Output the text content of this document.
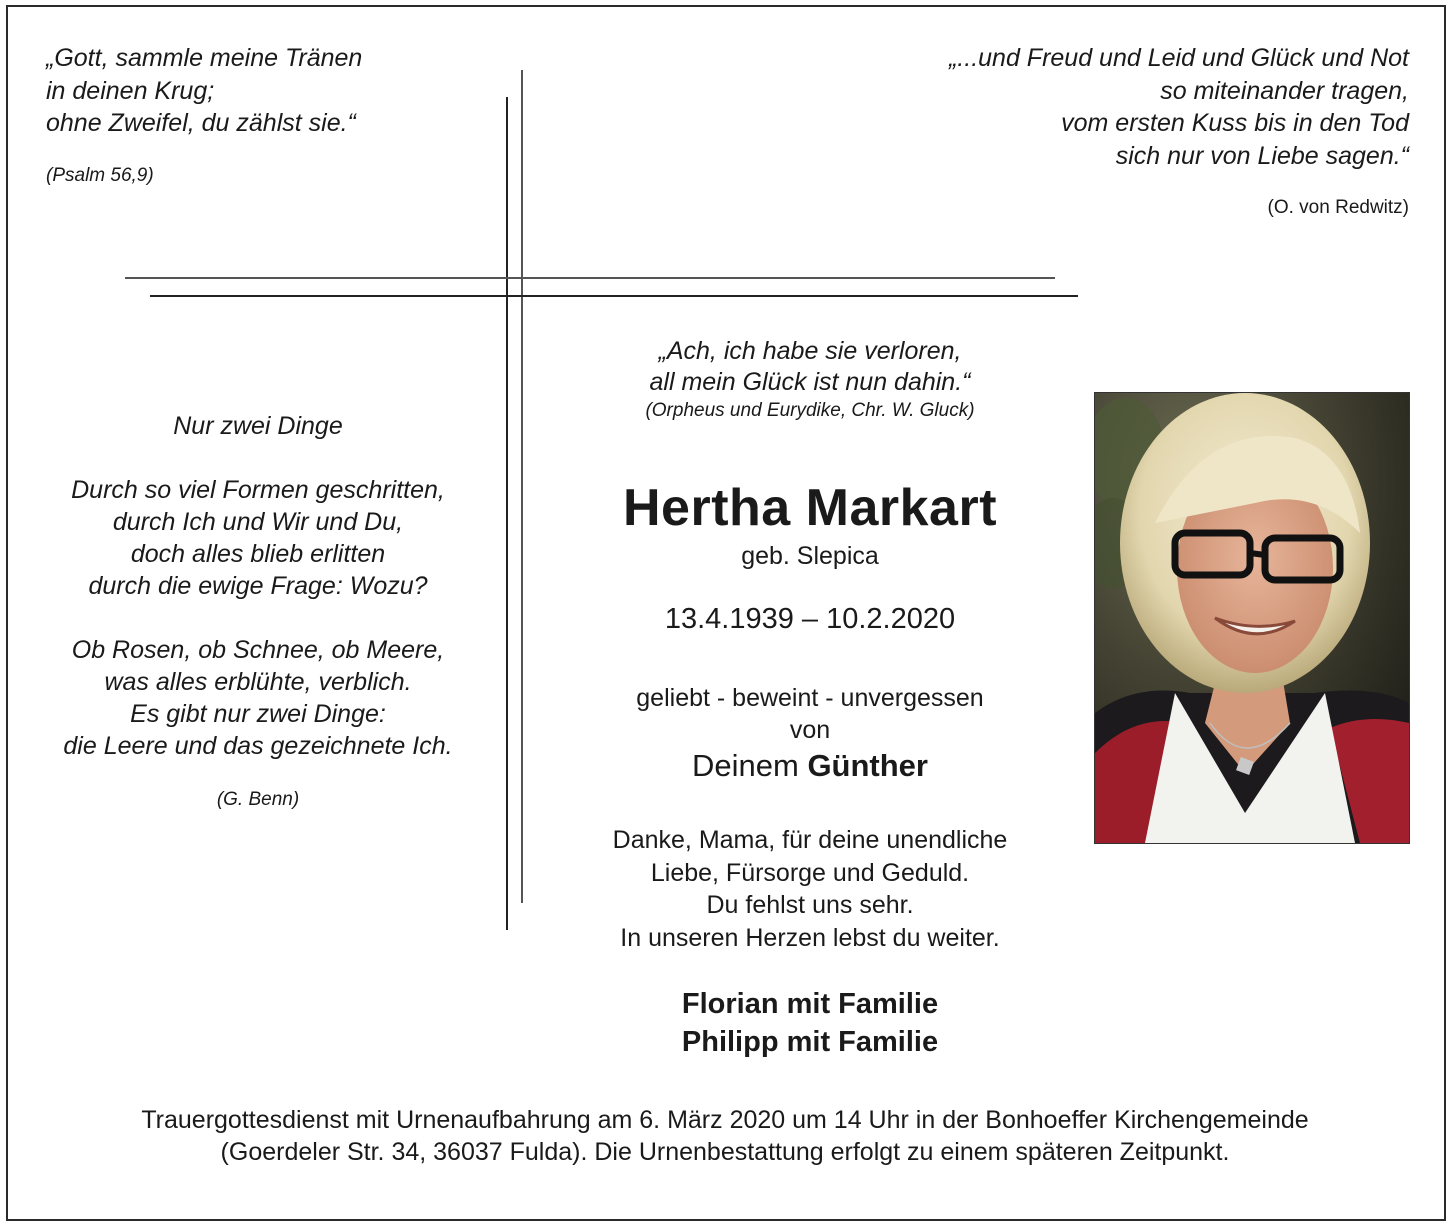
„Gott, sammle meine Tränen
in deinen Krug;
ohne Zweifel, du zählst sie.“
(Psalm 56,9)
„...und Freud und Leid und Glück und Not
so miteinander tragen,
vom ersten Kuss bis in den Tod
sich nur von Liebe sagen.“
(O. von Redwitz)
Nur zwei Dinge
Durch so viel Formen geschritten,
durch Ich und Wir und Du,
doch alles blieb erlitten
durch die ewige Frage: Wozu?
Ob Rosen, ob Schnee, ob Meere,
was alles erblühte, verblich.
Es gibt nur zwei Dinge:
die Leere und das gezeichnete Ich.
(G. Benn)
„Ach, ich habe sie verloren,
all mein Glück ist nun dahin.“
(Orpheus und Eurydike, Chr. W. Gluck)
Hertha Markart
geb. Slepica
13.4.1939 – 10.2.2020
geliebt - beweint - unvergessen
von
Deinem Günther
Danke, Mama, für deine unendliche
Liebe, Fürsorge und Geduld.
Du fehlst uns sehr.
In unseren Herzen lebst du weiter.
Florian mit Familie
Philipp mit Familie
Trauergottesdienst mit Urnenaufbahrung am 6. März 2020 um 14 Uhr in der Bonhoeffer Kirchengemeinde
(Goerdeler Str. 34, 36037 Fulda). Die Urnenbestattung erfolgt zu einem späteren Zeitpunkt.
